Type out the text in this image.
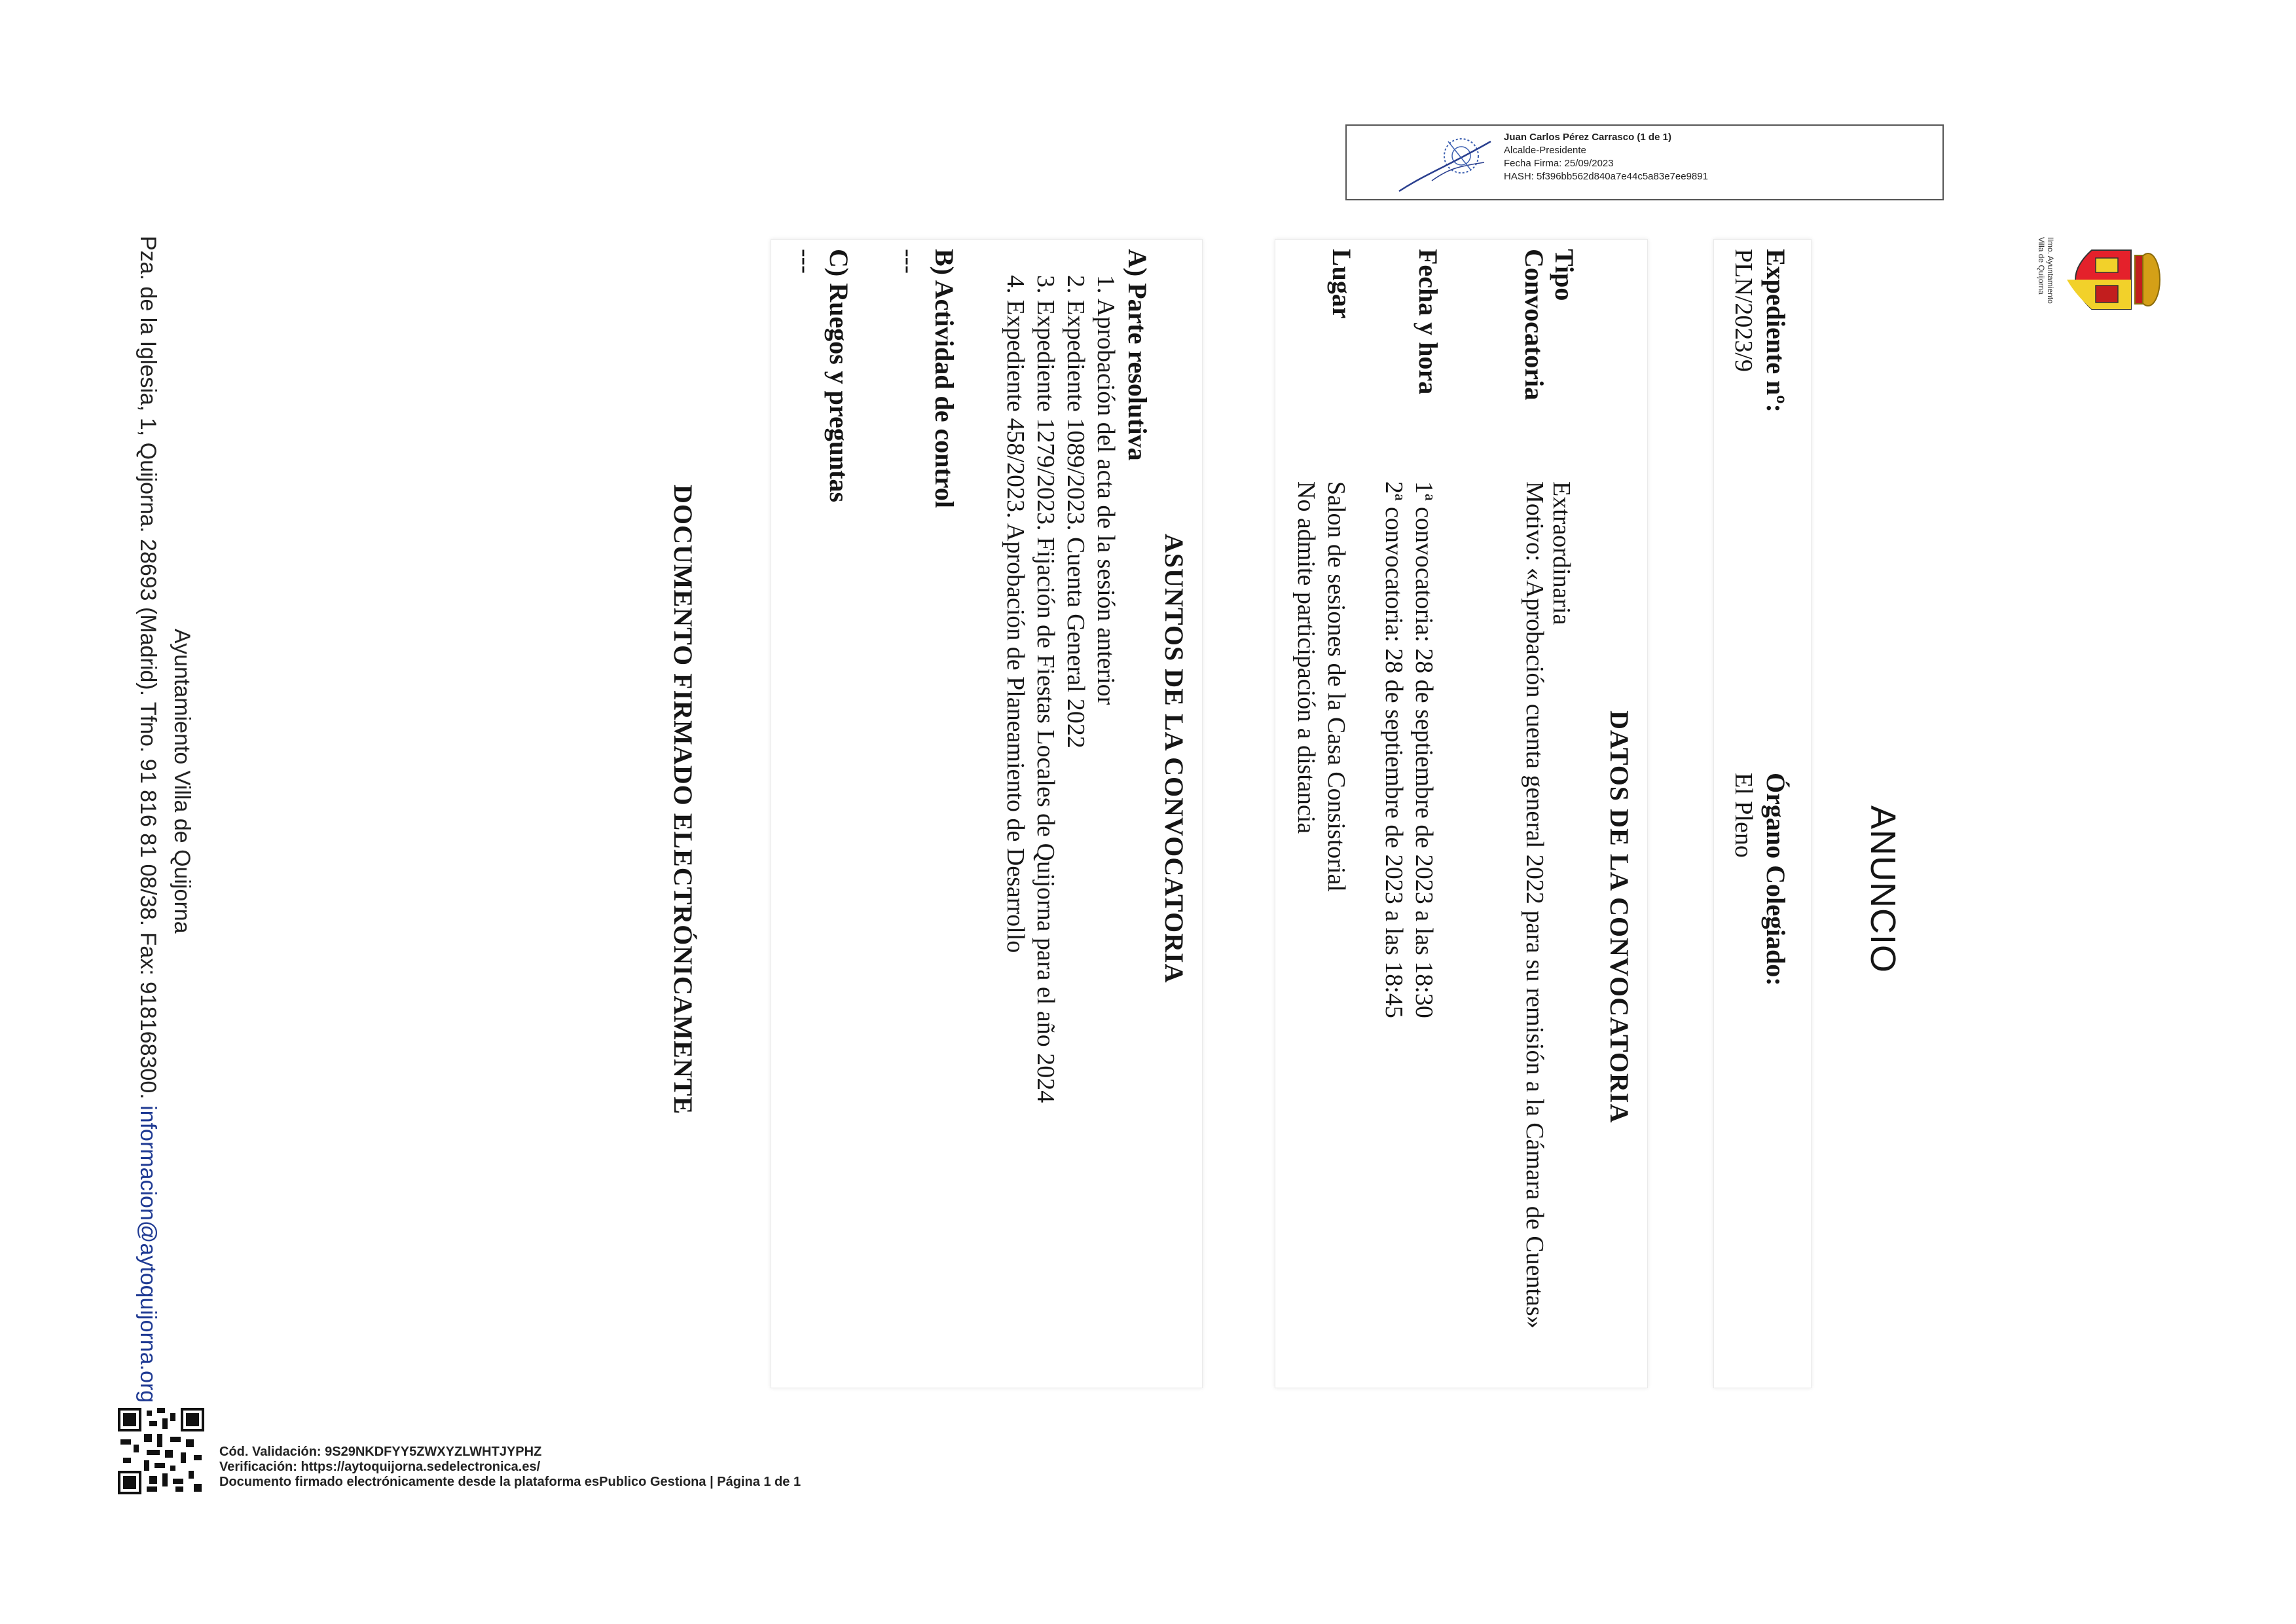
Juan Carlos Pérez Carrasco (1 de 1)
Alcalde-Presidente
Fecha Firma: 25/09/2023
HASH: 5f396bb562d840a7e44c5a83e7ee9891
Ilmo. Ayuntamiento
Villa de Quijorna
ANUNCIO
Expediente nº:
PLN/2023/9
Órgano Colegiado:
El Pleno
DATOS DE LA CONVOCATORIA
Tipo
Convocatoria
Extraordinaria
Motivo: «Aprobación cuenta general 2022 para su remisión a la Cámara de Cuentas»
Fecha y hora
1ª convocatoria: 28 de septiembre de 2023 a las 18:30
2ª convocatoria: 28 de septiembre de 2023 a las 18:45
Lugar
Salon de sesiones de la Casa Consistorial
No admite participación a distancia
ASUNTOS DE LA CONVOCATORIA
A) Parte resolutiva
1. Aprobación del acta de la sesión anterior
2. Expediente 1089/2023. Cuenta General 2022
3. Expediente 1279/2023. Fijación de Fiestas Locales de Quijorna para el año 2024
4. Expediente 458/2023. Aprobación de Planeamiento de Desarrollo
B) Actividad de control
---
C) Ruegos y preguntas
---
DOCUMENTO FIRMADO ELECTRÓNICAMENTE
Ayuntamiento Villa de Quijorna
Pza. de la Iglesia, 1, Quijorna. 28693 (Madrid). Tfno. 91 816 81 08/38. Fax: 918168300. informacion@aytoquijorna.org
Cód. Validación: 9S29NKDFYY5ZWXYZLWHTJYPHZ
Verificación: https://aytoquijorna.sedelectronica.es/
Documento firmado electrónicamente desde la plataforma esPublico Gestiona | Página 1 de 1
